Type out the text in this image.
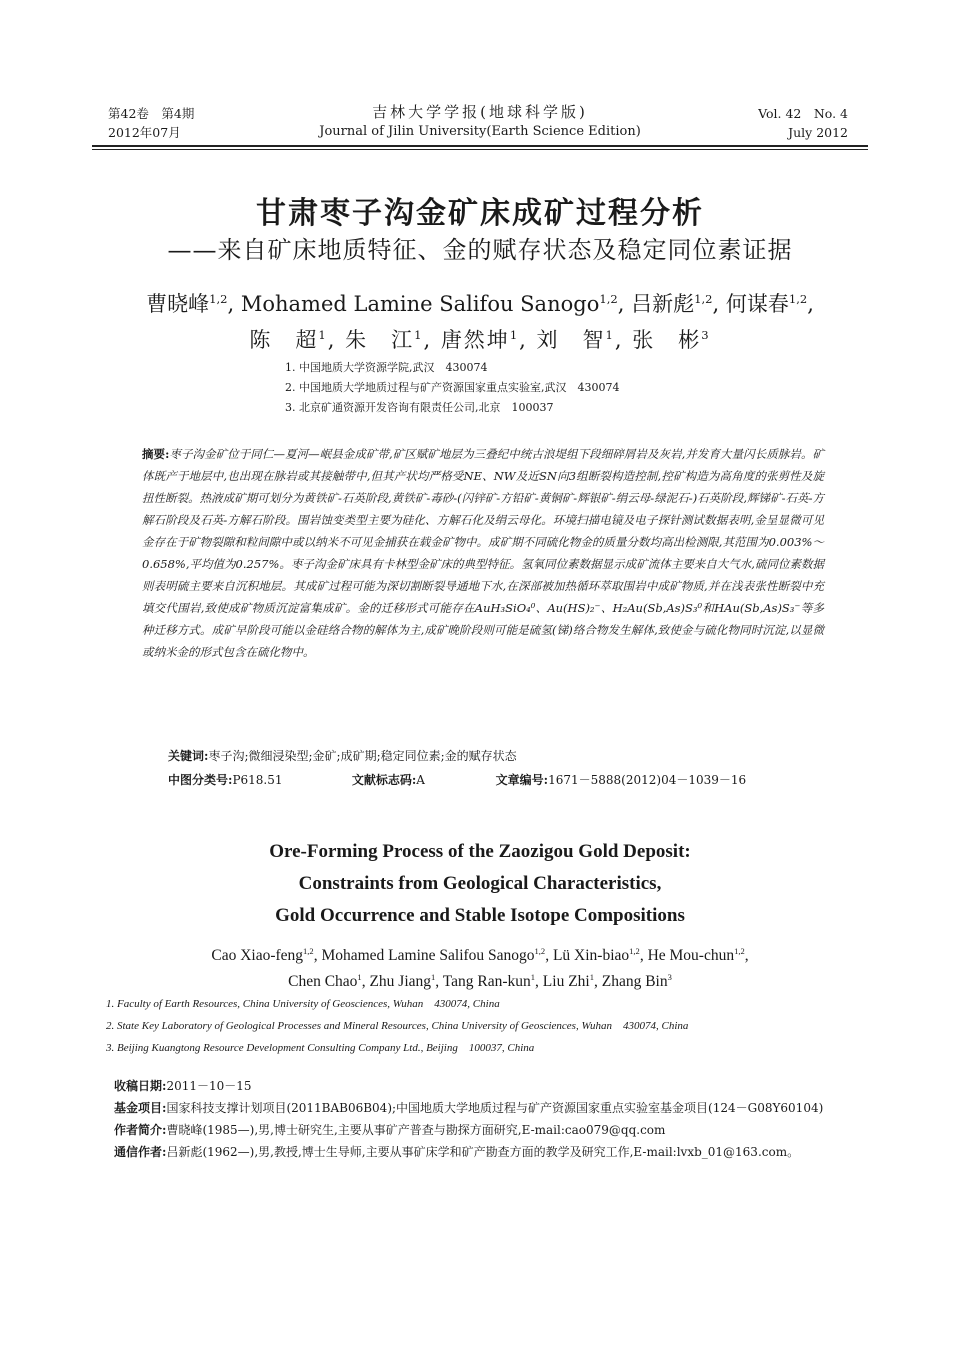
第42卷　第4期
2012年07月
吉林大学学报(地球科学版)
Journal of Jilin University(Earth Science Edition)
Vol. 42　No. 4
July 2012
甘肃枣子沟金矿床成矿过程分析
——来自矿床地质特征、金的赋存状态及稳定同位素证据
曹晓峰$^{1,2}$, Mohamed Lamine Salifou Sanogo$^{1,2}$, 吕新彪$^{1,2}$, 何谋春$^{1,2}$,
陈　超$^1$, 朱　江$^1$, 唐然坤$^1$, 刘　智$^1$, 张　彬$^3$
1. 中国地质大学资源学院,武汉　430074
2. 中国地质大学地质过程与矿产资源国家重点实验室,武汉　430074
3. 北京矿通资源开发咨询有限责任公司,北京　100037
摘要:枣子沟金矿位于同仁—夏河—岷县金成矿带,矿区赋矿地层为三叠纪中统古浪堤组下段细碎屑岩及灰岩,并发育大量闪长质脉岩。矿体既产于地层中,也出现在脉岩或其接触带中,但其产状均严格受NE、NW及近SN向3组断裂构造控制,控矿构造为高角度的张剪性及旋扭性断裂。热液成矿期可划分为黄铁矿-石英阶段,黄铁矿-毒砂-(闪锌矿-方铅矿-黄铜矿-辉银矿-绢云母-绿泥石-)石英阶段,辉锑矿-石英-方解石阶段及石英-方解石阶段。围岩蚀变类型主要为硅化、方解石化及绢云母化。环境扫描电镜及电子探针测试数据表明,金呈显微可见金存在于矿物裂隙和粒间隙中或以纳米不可见金捕获在载金矿物中。成矿期不同硫化物金的质量分数均高出检测限,其范围为0.003%～0.658%,平均值为0.257%。枣子沟金矿床具有卡林型金矿床的典型特征。氢氧同位素数据显示成矿流体主要来自大气水,硫同位素数据则表明硫主要来自沉积地层。其成矿过程可能为深切割断裂导通地下水,在深部被加热循环萃取围岩中成矿物质,并在浅表张性断裂中充填交代围岩,致使成矿物质沉淀富集成矿。金的迁移形式可能存在AuH₃SiO₄⁰、Au(HS)₂⁻、H₂Au(Sb,As)S₃⁰和HAu(Sb,As)S₃⁻等多种迁移方式。成矿早阶段可能以金硅络合物的解体为主,成矿晚阶段则可能是硫氢(锑)络合物发生解体,致使金与硫化物同时沉淀,以显微或纳米金的形式包含在硫化物中。
关键词:枣子沟;微细浸染型;金矿;成矿期;稳定同位素;金的赋存状态
中图分类号:P618.51	文献标志码:A	文章编号:1671－5888(2012)04－1039－16
Ore-Forming Process of the Zaozigou Gold Deposit:
Constraints from Geological Characteristics,
Gold Occurrence and Stable Isotope Compositions
Cao Xiao-feng$^{1,2}$, Mohamed Lamine Salifou Sanogo$^{1,2}$, Lü Xin-biao$^{1,2}$, He Mou-chun$^{1,2}$,
Chen Chao$^1$, Zhu Jiang$^1$, Tang Ran-kun$^1$, Liu Zhi$^1$, Zhang Bin$^3$
1. Faculty of Earth Resources, China University of Geosciences, Wuhan　430074, China
2. State Key Laboratory of Geological Processes and Mineral Resources, China University of Geosciences, Wuhan　430074, China
3. Beijing Kuangtong Resource Development Consulting Company Ltd., Beijing　100037, China
收稿日期: 2011－10－15
基金项目: 国家科技支撑计划项目(2011BAB06B04);中国地质大学地质过程与矿产资源国家重点实验室基金项目(124－G08Y60104)
作者简介: 曹晓峰(1985—),男,博士研究生,主要从事矿产普查与勘探方面研究,E-mail:cao079@qq.com
通信作者: 吕新彪(1962—),男,教授,博士生导师,主要从事矿床学和矿产勘查方面的教学及研究工作,E-mail:lvxb_01@163.com。
